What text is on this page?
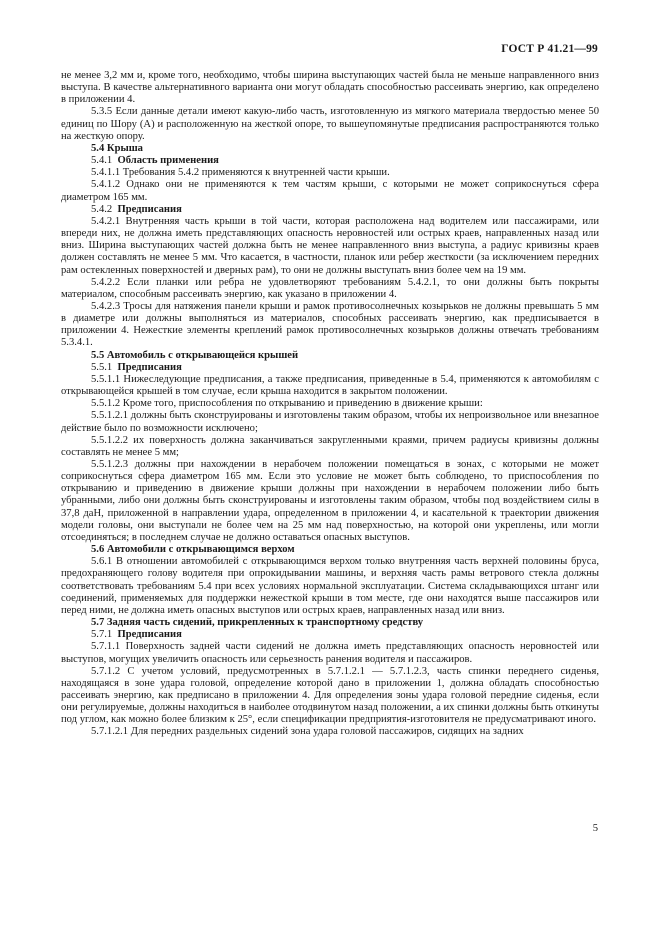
ГОСТ Р 41.21—99

не менее 3,2 мм и, кроме того, необходимо, чтобы ширина выступающих частей была не меньше направленного вниз выступа. В качестве альтернативного варианта они могут обладать способностью рассеивать энергию, как определено в приложении 4.

5.3.5 Если данные детали имеют какую-либо часть, изготовленную из мягкого материала твердостью менее 50 единиц по Шору (А) и расположенную на жесткой опоре, то вышеупомянутые предписания распространяются только на жесткую опору.

5.4 Крыша
5.4.1 Область применения

5.4.1.1 Требования 5.4.2 применяются к внутренней части крыши.

5.4.1.2 Однако они не применяются к тем частям крыши, с которыми не может соприкоснуться сфера диаметром 165 мм.

5.4.2 Предписания

5.4.2.1 Внутренняя часть крыши в той части, которая расположена над водителем или пассажирами, или впереди них, не должна иметь представляющих опасность неровностей или острых краев, направленных назад или вниз. Ширина выступающих частей должна быть не менее направленного вниз выступа, а радиус кривизны краев должен составлять не менее 5 мм. Что касается, в частности, планок или ребер жесткости (за исключением передних рам остекленных поверхностей и дверных рам), то они не должны выступать вниз более чем на 19 мм.

5.4.2.2 Если планки или ребра не удовлетворяют требованиям 5.4.2.1, то они должны быть покрыты материалом, способным рассеивать энергию, как указано в приложении 4.

5.4.2.3 Тросы для натяжения панели крыши и рамок противосолнечных козырьков не должны превышать 5 мм в диаметре или должны выполняться из материалов, способных рассеивать энергию, как предписывается в приложении 4. Нежесткие элементы креплений рамок противосолнечных козырьков должны отвечать требованиям 5.3.4.1.

5.5 Автомобиль с открывающейся крышей
5.5.1 Предписания

5.5.1.1 Нижеследующие предписания, а также предписания, приведенные в 5.4, применяются к автомобилям с открывающейся крышей в том случае, если крыша находится в закрытом положении.

5.5.1.2 Кроме того, приспособления по открыванию и приведению в движение крыши:

5.5.1.2.1 должны быть сконструированы и изготовлены таким образом, чтобы их непроизвольное или внезапное действие было по возможности исключено;

5.5.1.2.2 их поверхность должна заканчиваться закругленными краями, причем радиусы кривизны должны составлять не менее 5 мм;

5.5.1.2.3 должны при нахождении в нерабочем положении помещаться в зонах, с которыми не может соприкоснуться сфера диаметром 165 мм. Если это условие не может быть соблюдено, то приспособления по открыванию и приведению в движение крыши должны при нахождении в нерабочем положении либо быть убранными, либо они должны быть сконструированы и изготовлены таким образом, чтобы под воздействием силы в 37,8 даН, приложенной в направлении удара, определенном в приложении 4, и касательной к траектории движения модели головы, они выступали не более чем на 25 мм над поверхностью, на которой они укреплены, или могли отсоединяться; в последнем случае не должно оставаться опасных выступов.

5.6 Автомобили с открывающимся верхом

5.6.1 В отношении автомобилей с открывающимся верхом только внутренняя часть верхней половины бруса, предохраняющего голову водителя при опрокидывании машины, и верхняя часть рамы ветрового стекла должны соответствовать требованиям 5.4 при всех условиях нормальной эксплуатации. Система складывающихся штанг или соединений, применяемых для поддержки нежесткой крыши в том месте, где они находятся выше пассажиров или перед ними, не должна иметь опасных выступов или острых краев, направленных назад или вниз.

5.7 Задняя часть сидений, прикрепленных к транспортному средству
5.7.1 Предписания

5.7.1.1 Поверхность задней части сидений не должна иметь представляющих опасность неровностей или выступов, могущих увеличить опасность или серьезность ранения водителя и пассажиров.

5.7.1.2 С учетом условий, предусмотренных в 5.7.1.2.1 — 5.7.1.2.3, часть спинки переднего сиденья, находящаяся в зоне удара головой, определение которой дано в приложении 1, должна обладать способностью рассеивать энергию, как предписано в приложении 4. Для определения зоны удара головой передние сиденья, если они регулируемые, должны находиться в наиболее отодвинутом назад положении, а их спинки должны быть откинуты под углом, как можно более близким к 25°, если спецификации предприятия-изготовителя не предусматривают иного.

5.7.1.2.1 Для передних раздельных сидений зона удара головой пассажиров, сидящих на задних

5
